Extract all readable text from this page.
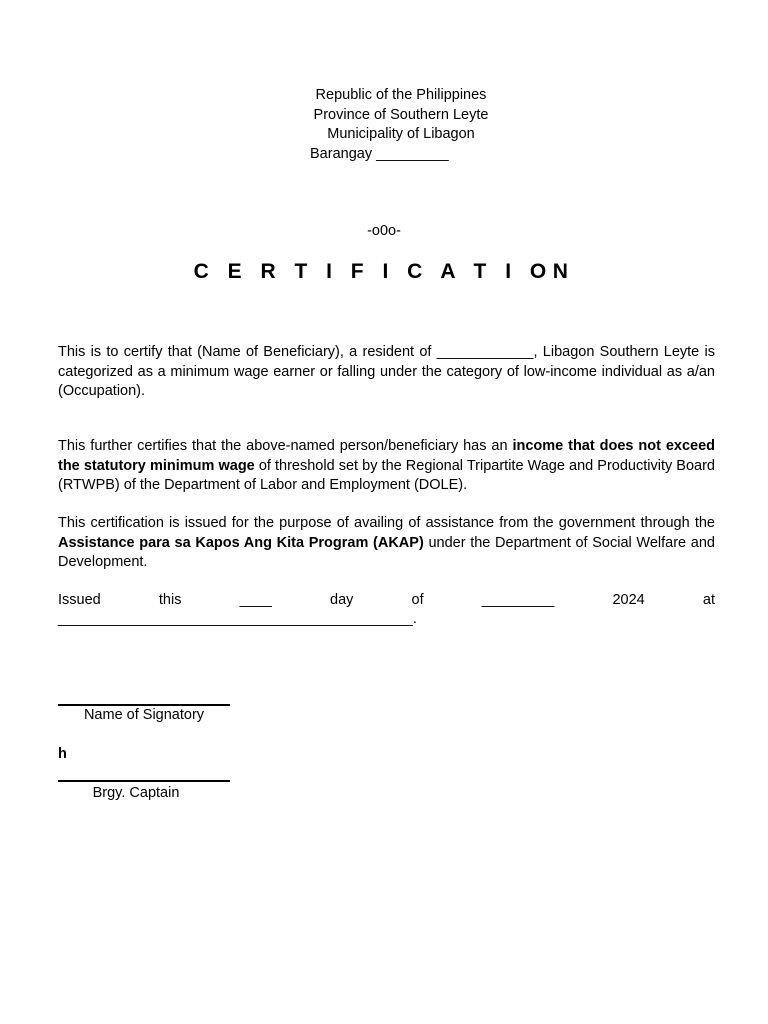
Republic of the Philippines
Province of Southern Leyte
Municipality of Libagon
Barangay _________
-o0o-
C E R T I F I C A T I ON
This is to certify that (Name of Beneficiary), a resident of ____________, Libagon Southern Leyte is categorized as a minimum wage earner or falling under the category of low-income individual as a/an (Occupation).
This further certifies that the above-named person/beneficiary has an income that does not exceed the statutory minimum wage of threshold set by the Regional Tripartite Wage and Productivity Board (RTWPB) of the Department of Labor and Employment (DOLE).
This certification is issued for the purpose of availing of assistance from the government through the Assistance para sa Kapos Ang Kita Program (AKAP) under the Department of Social Welfare and Development.
Issued	this	____	day	of	_________	2024	at
____________________________________________.
Name of Signatory
h
Brgy. Captain
